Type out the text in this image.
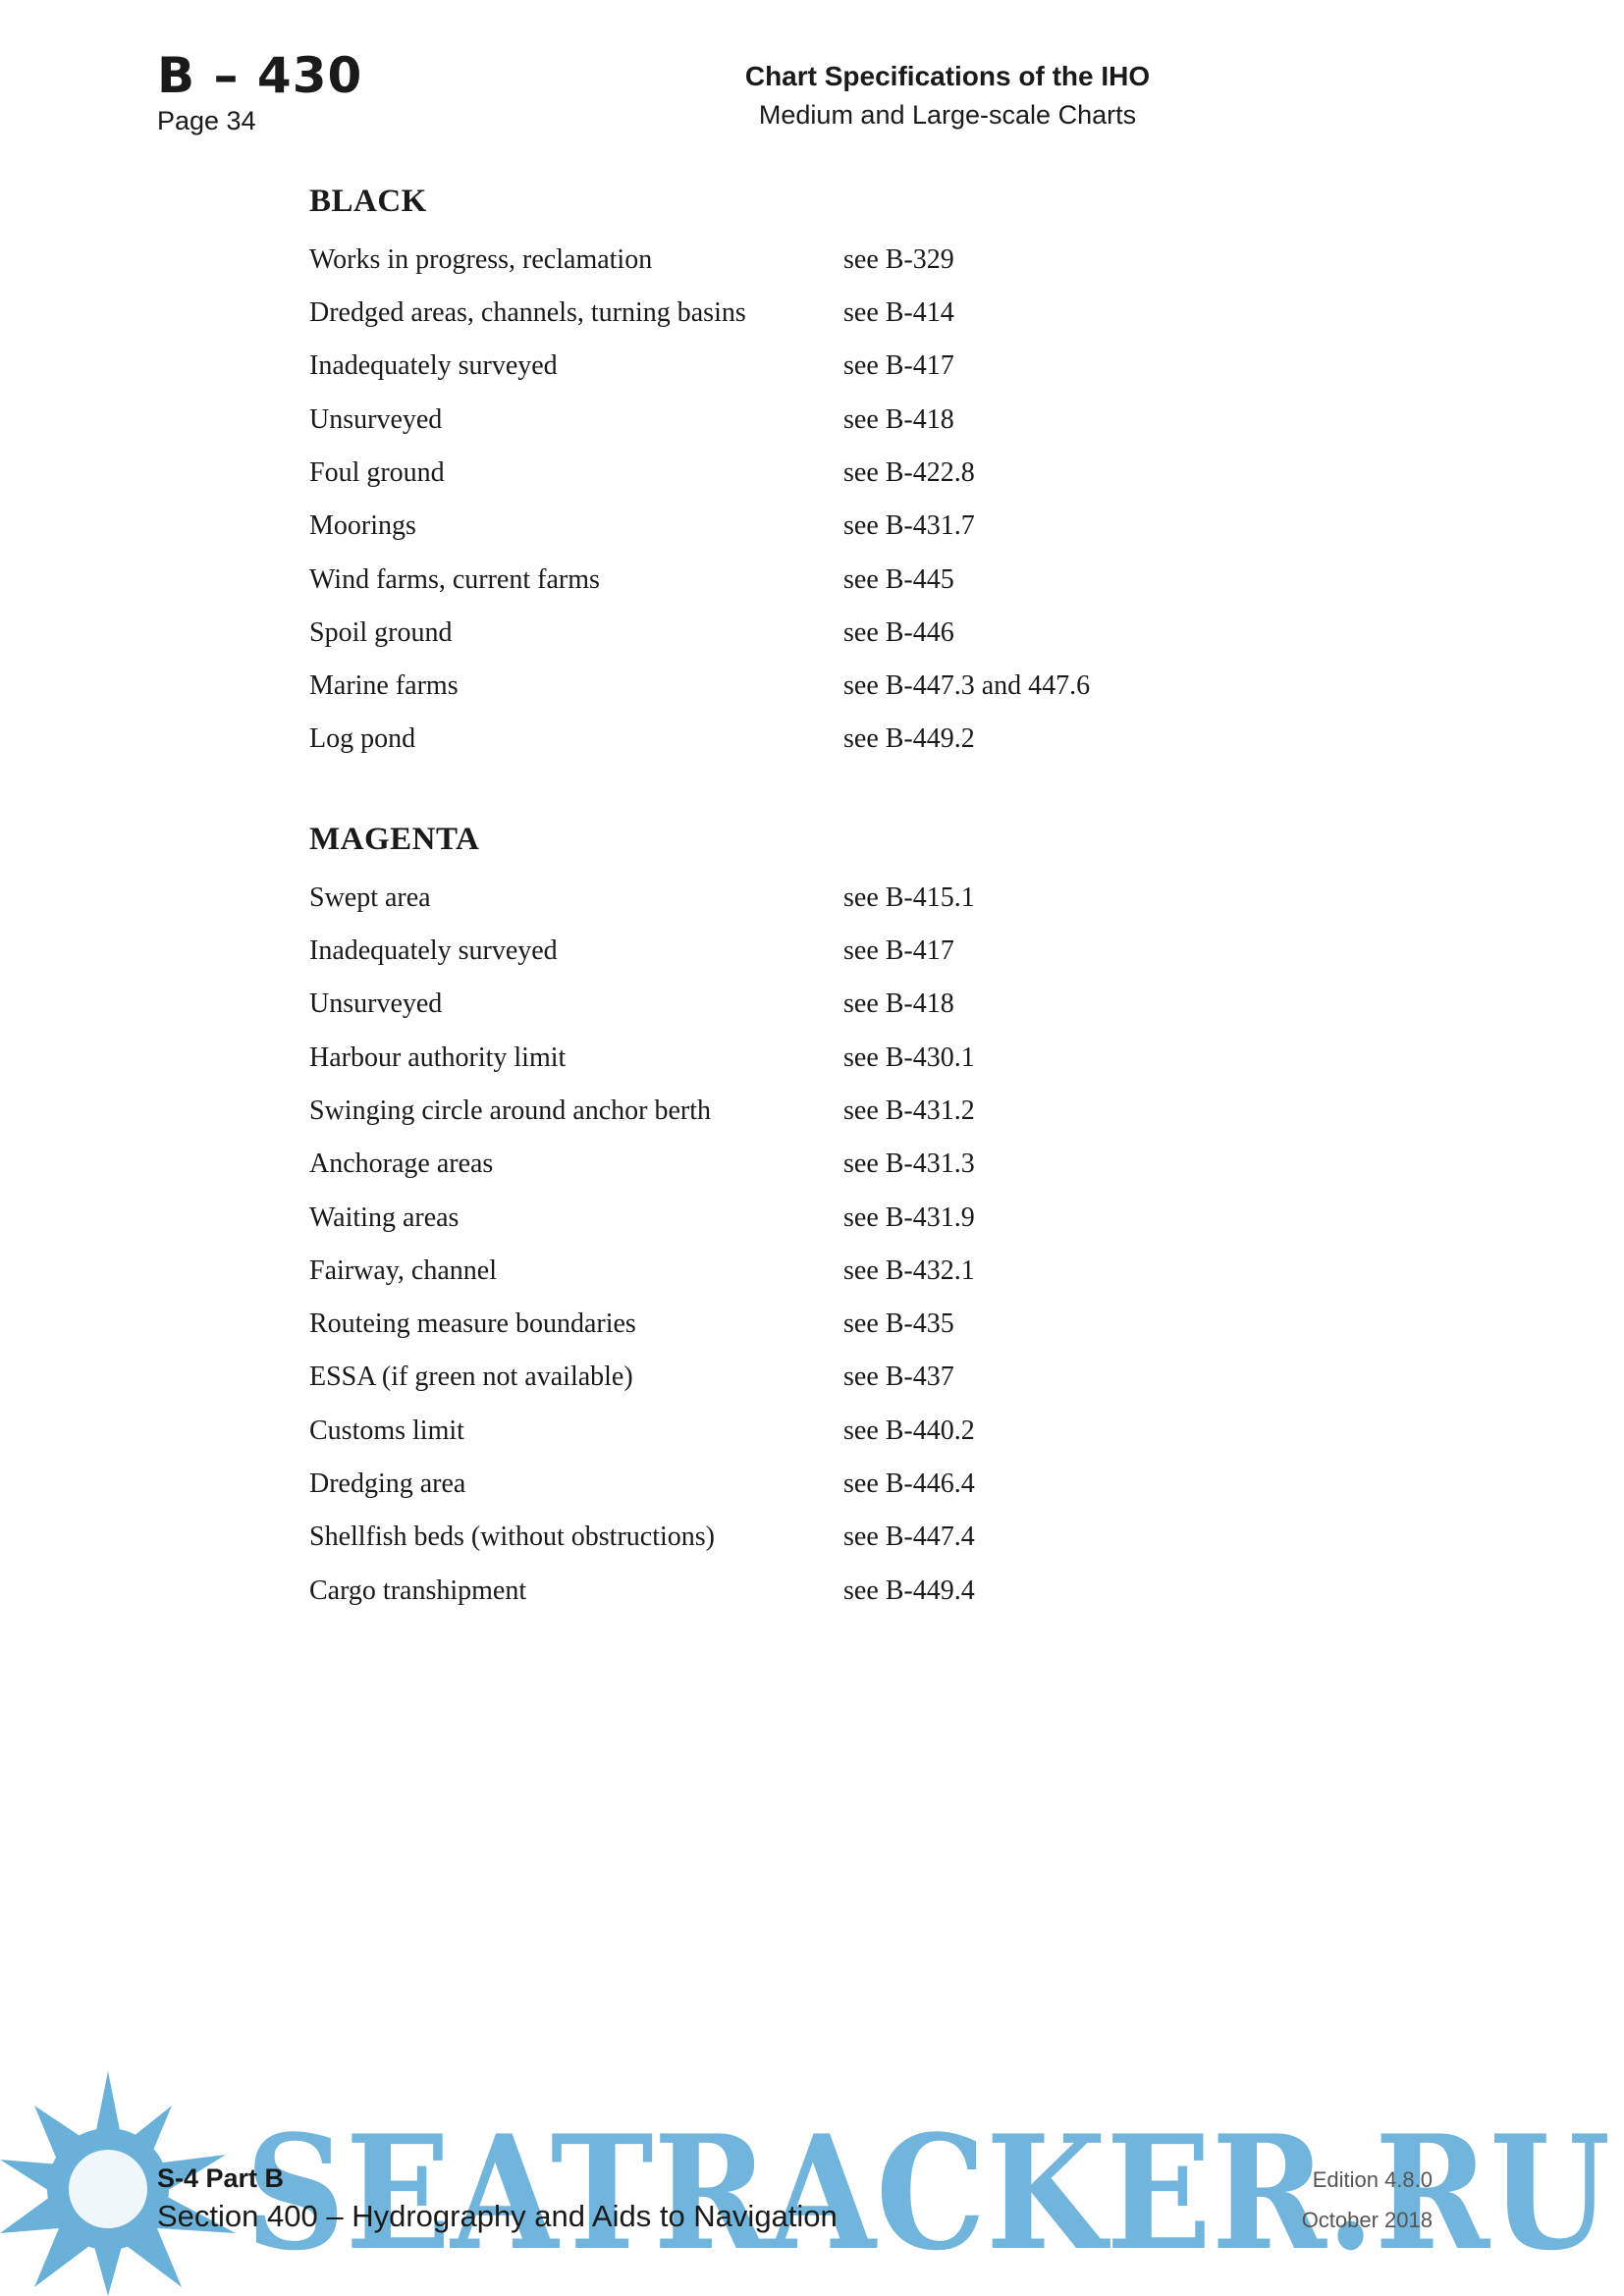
B – 430
Page 34
Chart Specifications of the IHO
Medium and Large-scale Charts
BLACK
Works in progress, reclamation	see B-329
Dredged areas, channels, turning basins	see B-414
Inadequately surveyed	see B-417
Unsurveyed	see B-418
Foul ground	see B-422.8
Moorings	see B-431.7
Wind farms, current farms	see B-445
Spoil ground	see B-446
Marine farms	see B-447.3 and 447.6
Log pond	see B-449.2
MAGENTA
Swept area	see B-415.1
Inadequately surveyed	see B-417
Unsurveyed	see B-418
Harbour authority limit	see B-430.1
Swinging circle around anchor berth	see B-431.2
Anchorage areas	see B-431.3
Waiting areas	see B-431.9
Fairway, channel	see B-432.1
Routeing measure boundaries	see B-435
ESSA (if green not available)	see B-437
Customs limit	see B-440.2
Dredging area	see B-446.4
Shellfish beds (without obstructions)	see B-447.4
Cargo transhipment	see B-449.4
SEATRACKER.RU
S-4 Part B
Section 400 – Hydrography and Aids to Navigation
Edition 4.8.0
October 2018
